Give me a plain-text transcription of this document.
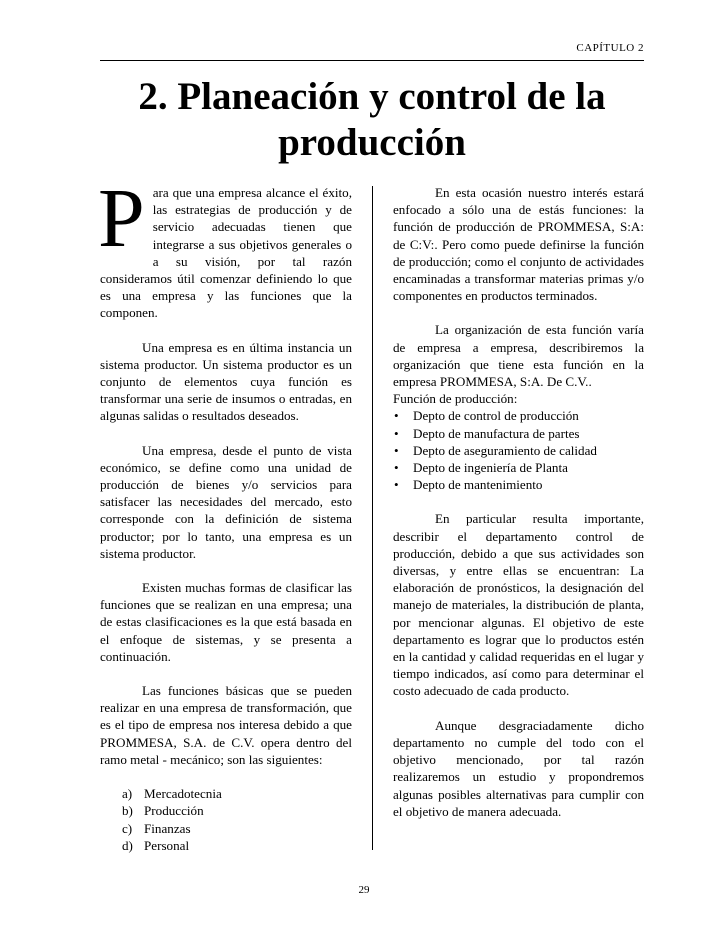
CAPÍTULO 2
2. Planeación y control de la
producción

Para que una empresa alcance el éxito, las estrategias de producción y de servicio adecuadas tienen que integrarse a sus objetivos generales o a su visión, por tal razón consideramos útil comenzar definiendo lo que es una empresa y las funciones que la componen.

Una empresa es en última instancia un sistema productor. Un sistema productor es un conjunto de elementos cuya función es transformar una serie de insumos o entradas, en algunas salidas o resultados deseados.

Una empresa, desde el punto de vista económico, se define como una unidad de producción de bienes y/o servicios para satisfacer las necesidades del mercado, esto corresponde con la definición de sistema productor; por lo tanto, una empresa es un sistema productor.

Existen muchas formas de clasificar las funciones que se realizan en una empresa; una de estas clasificaciones es la que está basada en el enfoque de sistemas, y se presenta a continuación.

Las funciones básicas que se pueden realizar en una empresa de transformación, que es el tipo de empresa nos interesa debido a que PROMMESA, S.A. de C.V. opera dentro del ramo metal - mecánico; son las siguientes:

a) Mercadotecnia
b) Producción
c) Finanzas
d) Personal

En esta ocasión nuestro interés estará enfocado a sólo una de estás funciones: la función de producción de PROMMESA, S:A: de C:V:. Pero como puede definirse la función de producción; como el conjunto de actividades encaminadas a transformar materias primas y/o componentes en productos terminados.

La organización de esta función varía de empresa a empresa, describiremos la organización que tiene esta función en la empresa PROMMESA, S:A. De C.V..

Función de producción:
• Depto de control de producción
• Depto de manufactura de partes
• Depto de aseguramiento de calidad
• Depto de ingeniería de Planta
• Depto de mantenimiento

En particular resulta importante, describir el departamento control de producción, debido a que sus actividades son diversas, y entre ellas se encuentran: La elaboración de pronósticos, la designación del manejo de materiales, la distribución de planta, por mencionar algunas. El objetivo de este departamento es lograr que lo productos estén en la cantidad y calidad requeridas en el lugar y tiempo indicados, así como para determinar el costo adecuado de cada producto.

Aunque desgraciadamente dicho departamento no cumple del todo con el objetivo mencionado, por tal razón realizaremos un estudio y propondremos algunas posibles alternativas para cumplir con el objetivo de manera adecuada.

29
